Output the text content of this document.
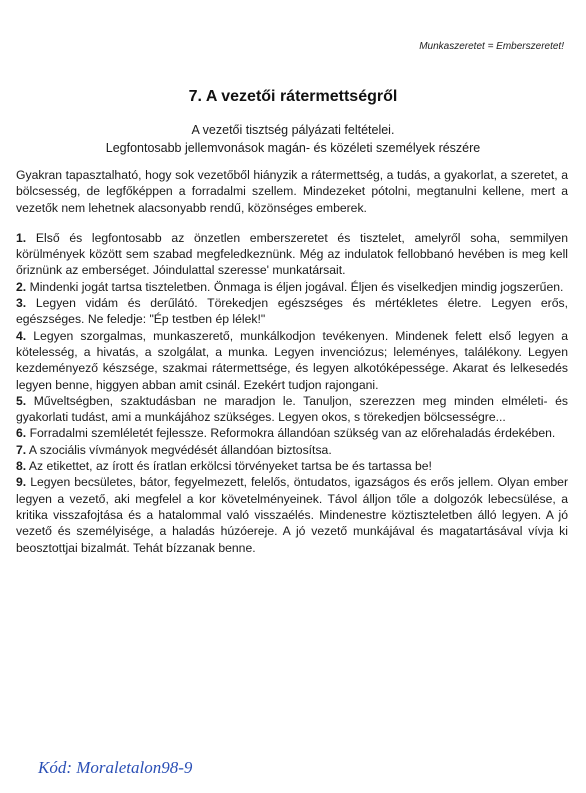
Munkaszeretet = Emberszeretet!
7. A vezetői rátermettségről
A vezetői tisztség pályázati feltételei.
Legfontosabb jellemvonások magán- és közéleti személyek részére

Gyakran tapasztalható, hogy sok vezetőből hiányzik a rátermettség, a tudás, a gyakorlat, a szeretet, a bölcsesség, de legfőképpen a forradalmi szellem. Mindezeket pótolni, megtanulni kellene, mert a vezetők nem lehetnek alacsonyabb rendű, közönséges emberek.

1. Első és legfontosabb az önzetlen emberszeretet és tisztelet, amelyről soha, semmilyen körülmények között sem szabad megfeledkeznünk. Még az indulatok fellobbanó hevében is meg kell őriznünk az emberséget. Jóindulattal szeresse' munkatársait.

2. Mindenki jogát tartsa tiszteletben. Önmaga is éljen jogával. Éljen és viselkedjen mindig jogszerűen.

3. Legyen vidám és derűlátó. Törekedjen egészséges és mértékletes életre. Legyen erős, egészséges. Ne feledje: "Ép testben ép lélek!"

4. Legyen szorgalmas, munkaszerető, munkálkodjon tevékenyen. Mindenek felett első legyen a kötelesség, a hivatás, a szolgálat, a munka. Legyen invenciózus; leleményes, találékony. Legyen kezdeményező készsége, szakmai rátermettsége, és legyen alkotóképessége. Akarat és lelkesedés legyen benne, higgyen abban amit csinál. Ezekért tudjon rajongani.

5. Műveltségben, szaktudásban ne maradjon le. Tanuljon, szerezzen meg minden elméleti- és gyakorlati tudást, ami a munkájához szükséges. Legyen okos, s törekedjen bölcsességre...

6. Forradalmi szemléletét fejlessze. Reformokra állandóan szükség van az előrehaladás érdekében.

7. A szociális vívmányok megvédését állandóan biztosítsa.

8. Az etikettet, az írott és íratlan erkölcsi törvényeket tartsa be és tartassa be!

9. Legyen becsületes, bátor, fegyelmezett, felelős, öntudatos, igazságos és erős jellem. Olyan ember legyen a vezető, aki megfelel a kor követelményeinek. Távol álljon tőle a dolgozók lebecsülése, a kritika visszafojtása és a hatalommal való visszaélés. Mindenestre köztiszteletben álló legyen. A jó vezető és személyisége, a haladás húzóereje. A jó vezető munkájával és magatartásával vívja ki beosztottjai bizalmát. Tehát bízzanak benne.

Kód: Moraletalon98-9
